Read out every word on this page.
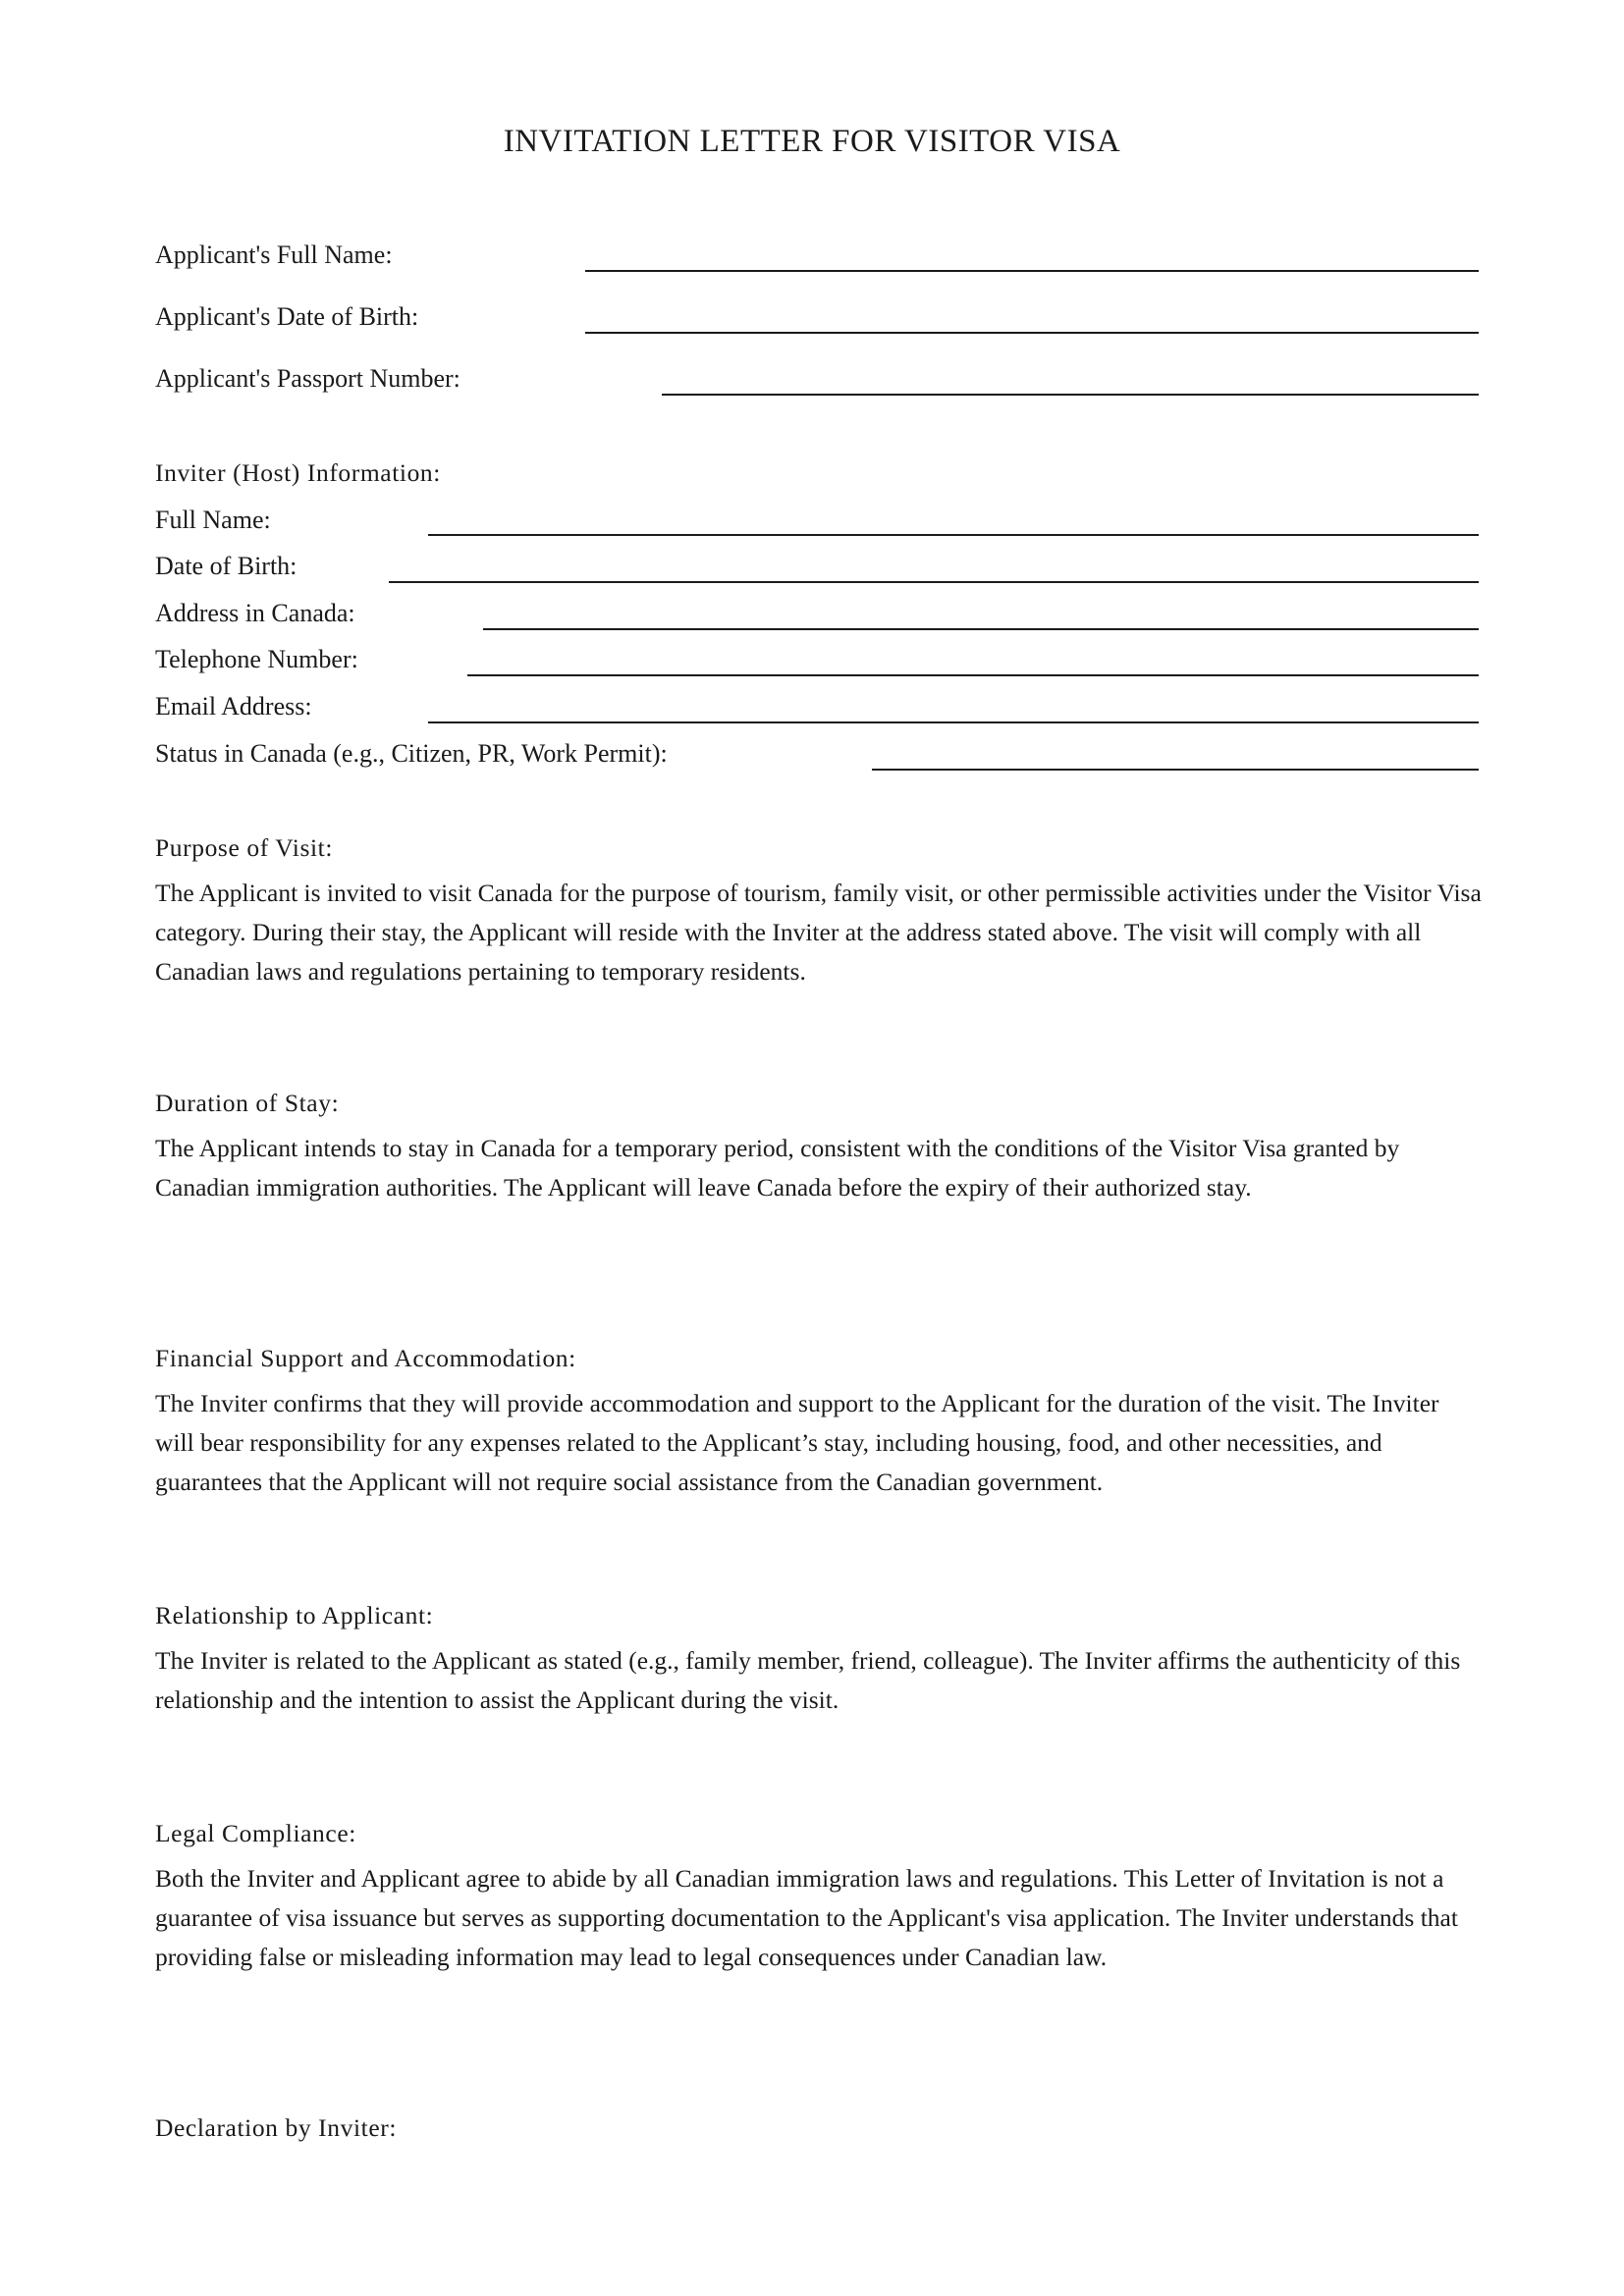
INVITATION LETTER FOR VISITOR VISA
Applicant's Full Name:
Applicant's Date of Birth:
Applicant's Passport Number:
Inviter (Host) Information:
Full Name:
Date of Birth:
Address in Canada:
Telephone Number:
Email Address:
Status in Canada (e.g., Citizen, PR, Work Permit):
Purpose of Visit:
The Applicant is invited to visit Canada for the purpose of tourism, family visit, or other permissible activities under the Visitor Visa category. During their stay, the Applicant will reside with the Inviter at the address stated above. The visit will comply with all Canadian laws and regulations pertaining to temporary residents.
Duration of Stay:
The Applicant intends to stay in Canada for a temporary period, consistent with the conditions of the Visitor Visa granted by Canadian immigration authorities. The Applicant will leave Canada before the expiry of their authorized stay.
Financial Support and Accommodation:
The Inviter confirms that they will provide accommodation and support to the Applicant for the duration of the visit. The Inviter will bear responsibility for any expenses related to the Applicant’s stay, including housing, food, and other necessities, and guarantees that the Applicant will not require social assistance from the Canadian government.
Relationship to Applicant:
The Inviter is related to the Applicant as stated (e.g., family member, friend, colleague). The Inviter affirms the authenticity of this relationship and the intention to assist the Applicant during the visit.
Legal Compliance:
Both the Inviter and Applicant agree to abide by all Canadian immigration laws and regulations. This Letter of Invitation is not a guarantee of visa issuance but serves as supporting documentation to the Applicant's visa application. The Inviter understands that providing false or misleading information may lead to legal consequences under Canadian law.
Declaration by Inviter:
